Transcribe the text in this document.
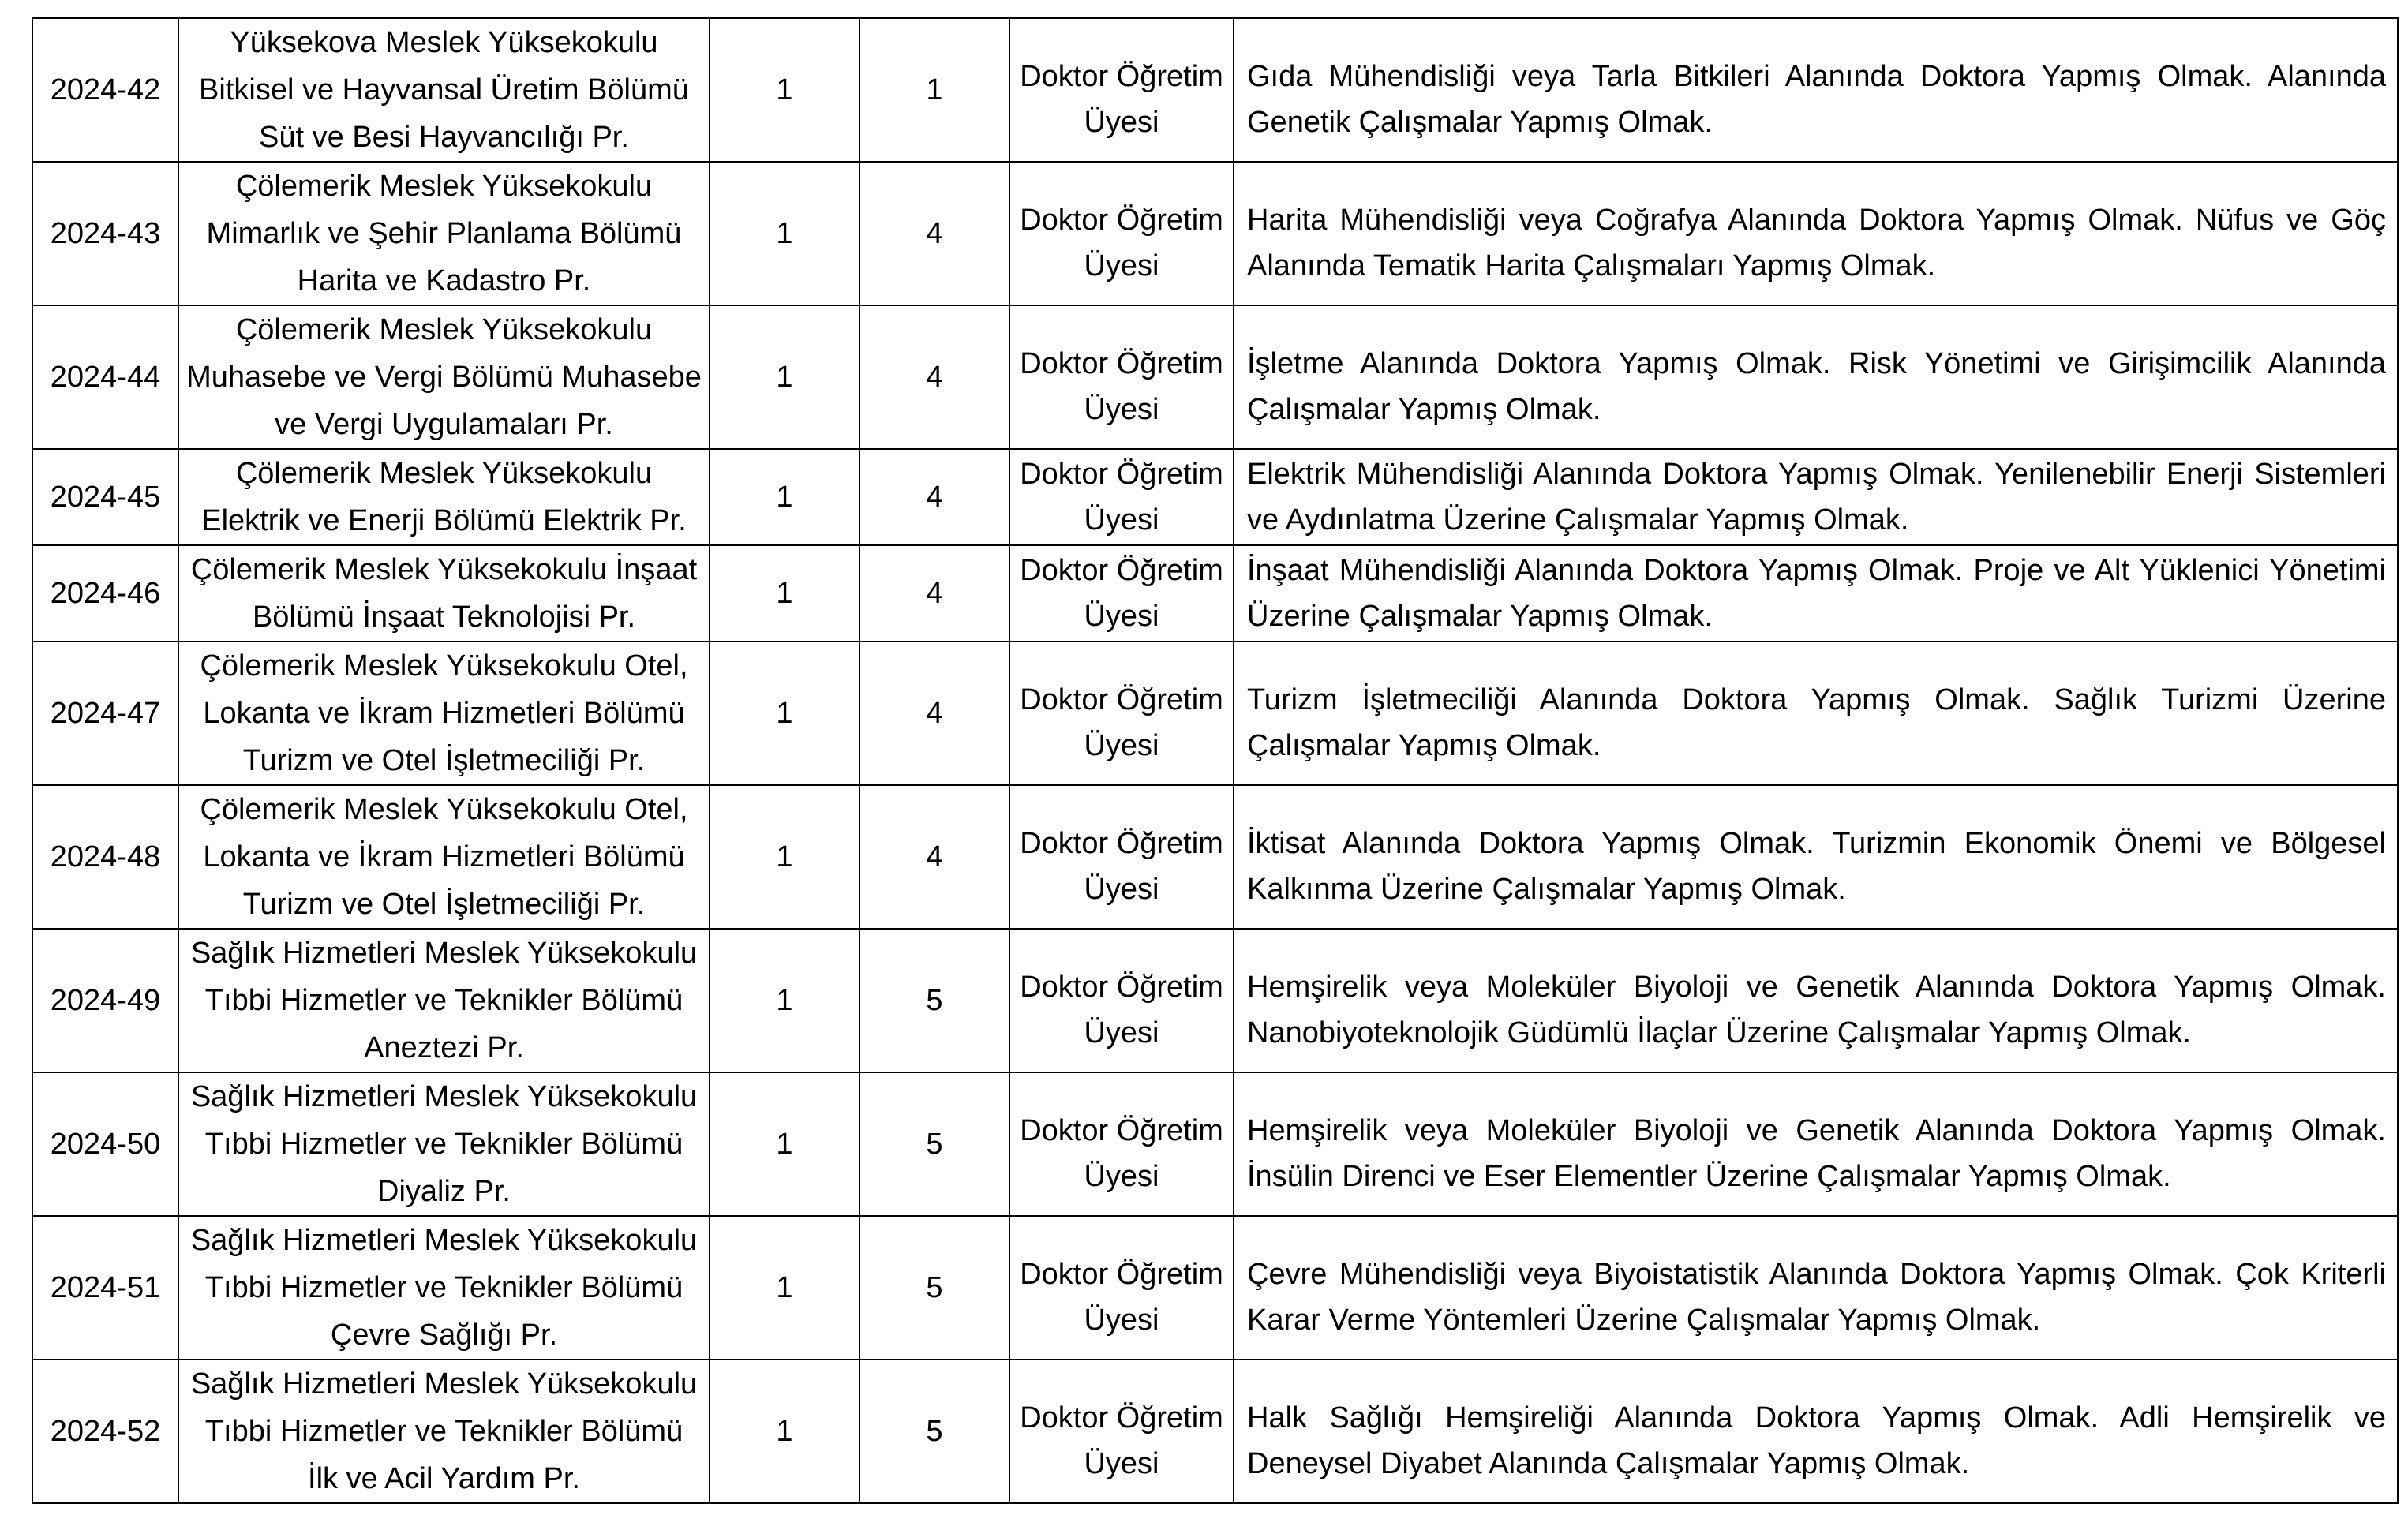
2024-42	Yüksekova Meslek Yüksekokulu
Bitkisel ve Hayvansal Üretim Bölümü
Süt ve Besi Hayvancılığı Pr.	1	1	Doktor Öğretim Üyesi	Gıda Mühendisliği veya Tarla Bitkileri Alanında Doktora Yapmış Olmak. Alanında Genetik Çalışmalar Yapmış Olmak.
2024-43	Çölemerik Meslek Yüksekokulu
Mimarlık ve Şehir Planlama Bölümü
Harita ve Kadastro Pr.	1	4	Doktor Öğretim Üyesi	Harita Mühendisliği veya Coğrafya Alanında Doktora Yapmış Olmak. Nüfus ve Göç Alanında Tematik Harita Çalışmaları Yapmış Olmak.
2024-44	Çölemerik Meslek Yüksekokulu
Muhasebe ve Vergi Bölümü Muhasebe
ve Vergi Uygulamaları Pr.	1	4	Doktor Öğretim Üyesi	İşletme Alanında Doktora Yapmış Olmak. Risk Yönetimi ve Girişimcilik Alanında Çalışmalar Yapmış Olmak.
2024-45	Çölemerik Meslek Yüksekokulu
Elektrik ve Enerji Bölümü Elektrik Pr.	1	4	Doktor Öğretim Üyesi	Elektrik Mühendisliği Alanında Doktora Yapmış Olmak. Yenilenebilir Enerji Sistemleri ve Aydınlatma Üzerine Çalışmalar Yapmış Olmak.
2024-46	Çölemerik Meslek Yüksekokulu İnşaat
Bölümü İnşaat Teknolojisi Pr.	1	4	Doktor Öğretim Üyesi	İnşaat Mühendisliği Alanında Doktora Yapmış Olmak. Proje ve Alt Yüklenici Yönetimi Üzerine Çalışmalar Yapmış Olmak.
2024-47	Çölemerik Meslek Yüksekokulu Otel,
Lokanta ve İkram Hizmetleri Bölümü
Turizm ve Otel İşletmeciliği Pr.	1	4	Doktor Öğretim Üyesi	Turizm İşletmeciliği Alanında Doktora Yapmış Olmak. Sağlık Turizmi Üzerine Çalışmalar Yapmış Olmak.
2024-48	Çölemerik Meslek Yüksekokulu Otel,
Lokanta ve İkram Hizmetleri Bölümü
Turizm ve Otel İşletmeciliği Pr.	1	4	Doktor Öğretim Üyesi	İktisat Alanında Doktora Yapmış Olmak. Turizmin Ekonomik Önemi ve Bölgesel Kalkınma Üzerine Çalışmalar Yapmış Olmak.
2024-49	Sağlık Hizmetleri Meslek Yüksekokulu
Tıbbi Hizmetler ve Teknikler Bölümü
Aneztezi Pr.	1	5	Doktor Öğretim Üyesi	Hemşirelik veya Moleküler Biyoloji ve Genetik Alanında Doktora Yapmış Olmak. Nanobiyoteknolojik Güdümlü İlaçlar Üzerine Çalışmalar Yapmış Olmak.
2024-50	Sağlık Hizmetleri Meslek Yüksekokulu
Tıbbi Hizmetler ve Teknikler Bölümü
Diyaliz Pr.	1	5	Doktor Öğretim Üyesi	Hemşirelik veya Moleküler Biyoloji ve Genetik Alanında Doktora Yapmış Olmak. İnsülin Direnci ve Eser Elementler Üzerine Çalışmalar Yapmış Olmak.
2024-51	Sağlık Hizmetleri Meslek Yüksekokulu
Tıbbi Hizmetler ve Teknikler Bölümü
Çevre Sağlığı Pr.	1	5	Doktor Öğretim Üyesi	Çevre Mühendisliği veya Biyoistatistik Alanında Doktora Yapmış Olmak. Çok Kriterli Karar Verme Yöntemleri Üzerine Çalışmalar Yapmış Olmak.
2024-52	Sağlık Hizmetleri Meslek Yüksekokulu
Tıbbi Hizmetler ve Teknikler Bölümü
İlk ve Acil Yardım Pr.	1	5	Doktor Öğretim Üyesi	Halk Sağlığı Hemşireliği Alanında Doktora Yapmış Olmak. Adli Hemşirelik ve Deneysel Diyabet Alanında Çalışmalar Yapmış Olmak.
